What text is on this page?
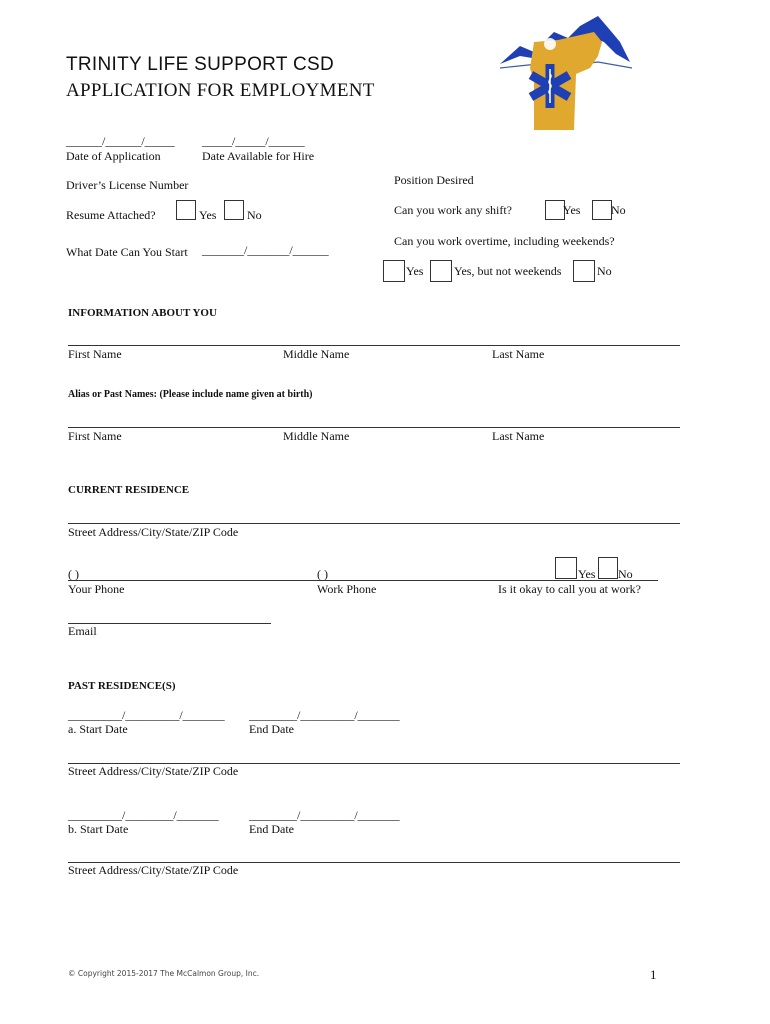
TRINITY LIFE SUPPORT CSD
APPLICATION FOR EMPLOYMENT
______/______/_____ _____/_____/______
Date of Application	Date Available for Hire
Driver’s License Number
Resume Attached?	Yes	No
What Date Can You Start _______/_______/______
Position Desired
Can you work any shift?	Yes	No
Can you work overtime, including weekends?
Yes	Yes, but not weekends	No
INFORMATION ABOUT YOU
First Name	Middle Name	Last Name
Alias or Past Names: (Please include name given at birth)
First Name	Middle Name	Last Name
CURRENT RESIDENCE
Street Address/City/State/ZIP Code
( )	( )	Yes No
Your Phone	Work Phone	Is it okay to call you at work?
Email
PAST RESIDENCE(S)
_________/_________/_______ ________/_________/_______
a. Start Date	End Date
Street Address/City/State/ZIP Code
_________/________/_______	________/_________/_______
b. Start Date	End Date
Street Address/City/State/ZIP Code
© Copyright 2015-2017 The McCalmon Group, Inc.	1
